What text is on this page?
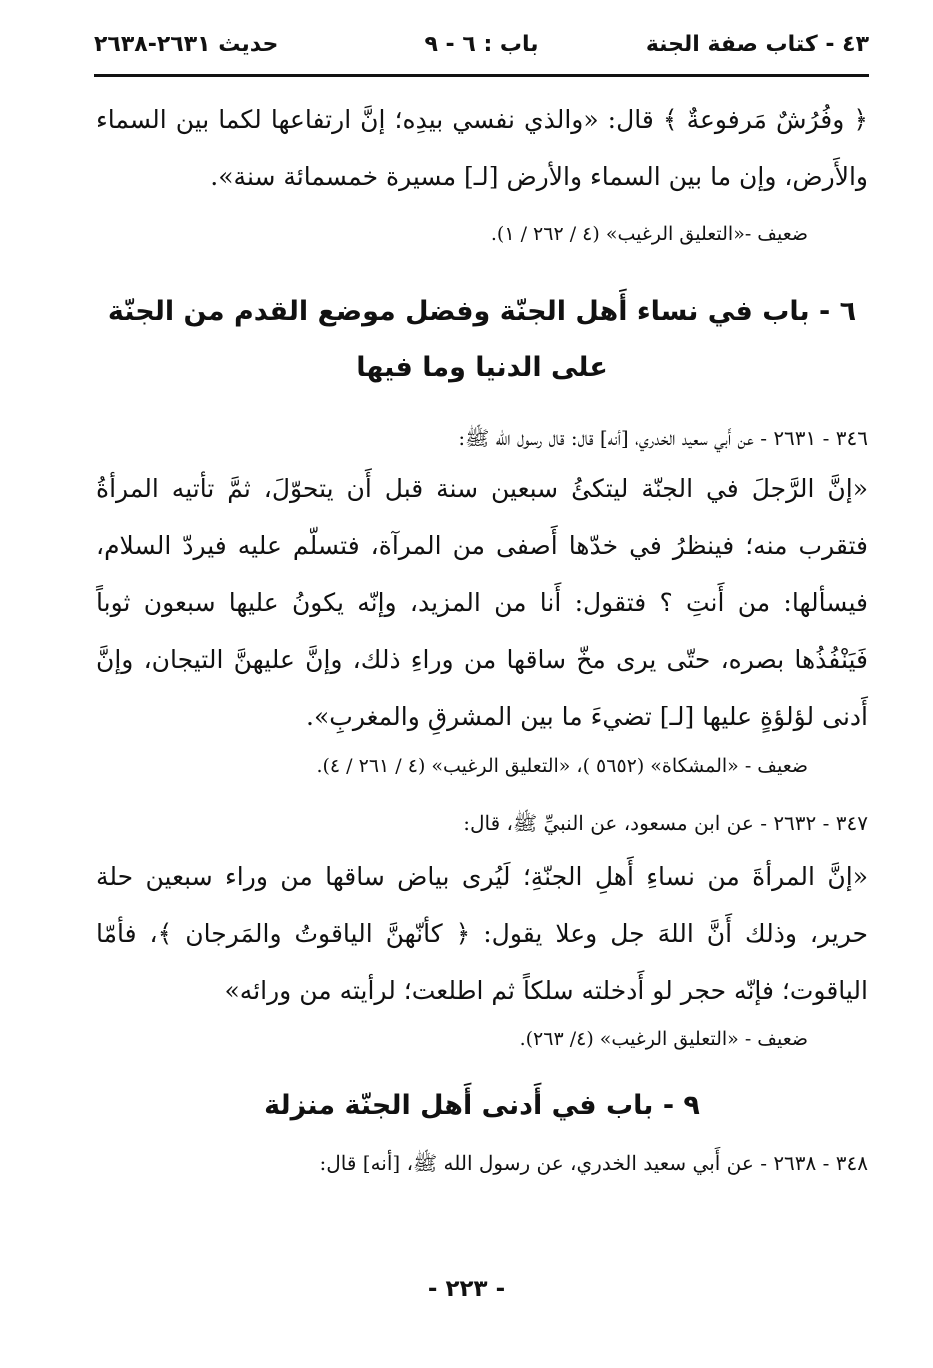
٤٣ - كتاب صفة الجنة
باب : ٦ - ٩
حديث ٢٦٣١-٢٦٣٨

﴿ وفُرُشٌ مَرفوعةٌ ﴾ قال: «والذي نفسي بيدِه؛ إنَّ ارتفاعها لكما بين السماء والأَرض، وإن ما بين السماء والأرض [لـ] مسيرة خمسمائة سنة».

ضعيف -«التعليق الرغيب» (٤ / ٢٦٢ / ١).

٦ - باب في نساء أَهل الجنّة وفضل موضع القدم من الجنّة
على الدنيا وما فيها

٣٤٦ - ٢٦٣١ - عن أَبي سعيد الخدري، [أنه] قال: قال رسول الله ﷺ:

«إنَّ الرَّجلَ في الجنّة ليتكئُ سبعين سنة قبل أَن يتحوّلَ، ثمَّ تأتيه المرأةُ فتقرب منه؛ فينظرُ في خدّها أَصفى من المرآة، فتسلّم عليه فيردّ السلام، فيسألها: من أَنتِ ؟ فتقول: أَنا من المزيد، وإنّه يكونُ عليها سبعون ثوباً فَيَنْفُذُها بصره، حتّى يرى مخّ ساقها من وراءِ ذلك، وإنَّ عليهنَّ التيجان، وإنَّ أَدنى لؤلؤةٍ عليها [لـ] تضيءَ ما بين المشرقِ والمغربِ».

ضعيف - «المشكاة» (٥٦٥٢ )، «التعليق الرغيب» (٤ / ٢٦١ / ٤).

٣٤٧ - ٢٦٣٢ - عن ابن مسعود، عن النبيِّ ﷺ، قال:

«إنَّ المرأةَ من نساءِ أَهلِ الجنّةِ؛ لَيُرى بياض ساقها من وراء سبعين حلة حرير، وذلك أَنَّ اللهَ جل وعلا يقول: ﴿ كأنّهنَّ الياقوتُ والمَرجان ﴾، فأمّا الياقوت؛ فإنّه حجر لو أَدخلته سلكاً ثم اطلعت؛ لرأيته من ورائه»

ضعيف - «التعليق الرغيب» (٤/ ٢٦٣).

٩ - باب في أَدنى أَهل الجنّة منزلة

٣٤٨ - ٢٦٣٨ - عن أَبي سعيد الخدري، عن رسول الله ﷺ، [أنه] قال:

- ٢٢٣ -
